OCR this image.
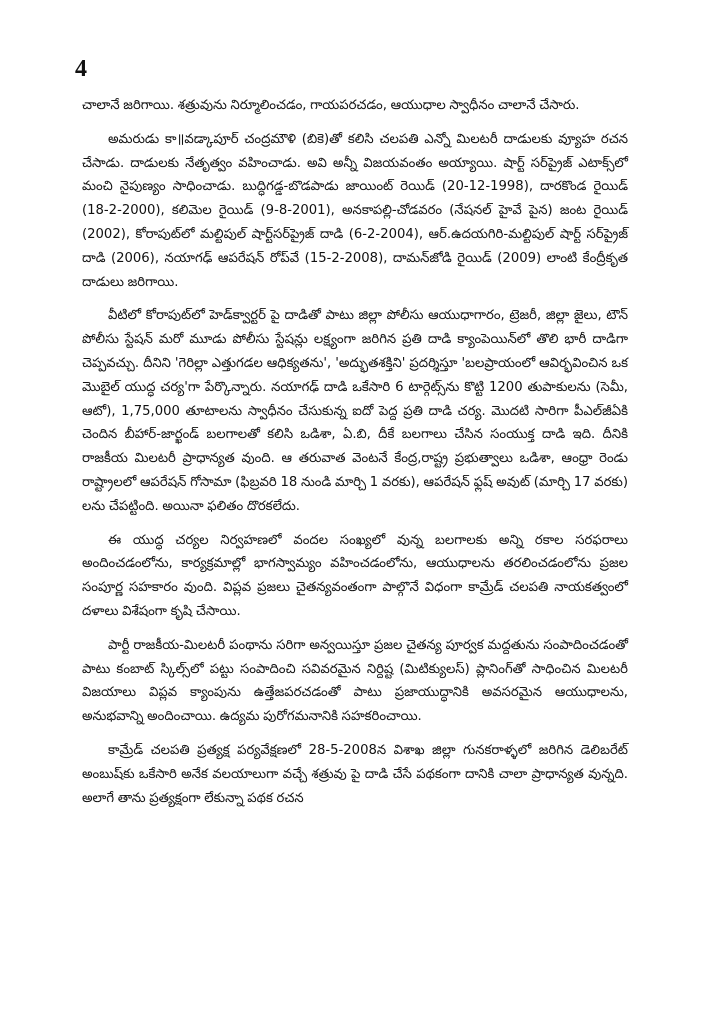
4

చాలానే జరిగాయి. శత్రువును నిర్మూలించడం, గాయపరచడం, ఆయుధాల స్వాధీనం చాలానే చేసారు.

అమరుడు కా॥వడ్కాపూర్ చంద్రమౌళి (బికె)తో కలిసి చలపతి ఎన్నో మిలటరీ దాడులకు వ్యూహ రచన చేసాడు. దాడులకు నేతృత్వం వహించాడు. అవి అన్నీ విజయవంతం అయ్యాయి. షార్ట్ సర్‌ప్రైజ్ ఎటాక్స్‌లో మంచి నైపుణ్యం సాధించాడు. బుద్ధిగడ్డ-బొడపాడు జాయింట్ రెయిడ్ (20-12-1998), దారకొండ రైయిడ్ (18-2-2000), కలిమెల రైయిడ్ (9-8-2001), అనకాపల్లి-చోడవరం (నేషనల్ హైవే పైన) జంట రైయిడ్ (2002), కోరాపుట్‌లో మల్టిపుల్ షార్ట్‌సర్‌ప్రైజ్ దాడి (6-2-2004), ఆర్.ఉదయగిరి-మల్టిపుల్ షార్ట్ సర్‌ప్రైజ్ దాడి (2006), నయాగఢ్ ఆపరేషన్ రోప్‌వే (15-2-2008), దామన్‌జోడి రైయిడ్ (2009) లాంటి కేంద్రీకృత దాడులు జరిగాయి.

వీటిలో కోరాపుట్‌లో హెడ్‌క్వార్టర్ పై దాడితో పాటు జిల్లా పోలీసు ఆయుధాగారం, ట్రెజరీ, జిల్లా జైలు, టౌన్ పోలీసు స్టేషన్ మరో మూడు పోలీసు స్టేషన్లు లక్ష్యంగా జరిగిన ప్రతి దాడి క్యాంపెయిన్‌లో తొలి భారీ దాడిగా చెప్పవచ్చు. దీనిని 'గెరిల్లా ఎత్తుగడల ఆధిక్యతను', 'అద్భుతశక్తిని' ప్రదర్శిస్తూ 'బలప్రాయంలో ఆవిర్భవించిన ఒక మొబైల్ యుద్ధ చర్య'గా పేర్కొన్నారు. నయాగఢ్ దాడి ఒకేసారి 6 టార్గెట్స్‌ను కొట్టి 1200 తుపాకులను (సెమీ, ఆటో), 1,75,000 తూటాలను స్వాధీనం చేసుకున్న ఐదో పెద్ద ప్రతి దాడి చర్య. మొదటి సారిగా పీఎల్‌జీఏకి చెందిన బీహార్-జార్ఖండ్ బలగాలతో కలిసి ఒడిశా, ఏ.బి, దీకే బలగాలు చేసిన సంయుక్త దాడి ఇది. దీనికి రాజకీయ మిలటరీ ప్రాధాన్యత వుంది. ఆ తరువాత వెంటనే కేంద్ర,రాష్ట్ర ప్రభుత్వాలు ఒడిశా, ఆంధ్రా రెండు రాష్ట్రాలలో ఆపరేషన్ గోసామా (ఫిబ్రవరి 18 నుండి మార్చి 1 వరకు), ఆపరేషన్ ఫ్లష్ అవుట్ (మార్చి 17 వరకు) లను చేపట్టింది. అయినా ఫలితం దొరకలేదు.

ఈ యుద్ధ చర్యల నిర్వహణలో వందల సంఖ్యలో వున్న బలగాలకు అన్ని రకాల సరఫరాలు అందించడంలోను, కార్యక్రమాల్లో భాగస్వామ్యం వహించడంలోను, ఆయుధాలను తరలించడంలోను ప్రజల సంపూర్ణ సహకారం వుంది. విప్లవ ప్రజలు చైతన్యవంతంగా పాల్గొనే విధంగా కామ్రేడ్ చలపతి నాయకత్వంలో దళాలు విశేషంగా కృషి చేసాయి.

పార్టీ రాజకీయ-మిలటరీ పంథాను సరిగా అన్వయిస్తూ ప్రజల చైతన్య పూర్వక మద్దతును సంపాదించడంతో పాటు కంబాట్ స్కిల్స్‌లో పట్టు సంపాదించి సవివరమైన నిర్దిష్ట (మిటిక్యులస్) ప్లానింగ్‌తో సాధించిన మిలటరీ విజయాలు విప్లవ క్యాంపును ఉత్తేజపరచడంతో పాటు ప్రజాయుద్ధానికి అవసరమైన ఆయుధాలను, అనుభవాన్ని అందించాయి. ఉద్యమ పురోగమనానికి సహకరించాయి.

కామ్రేడ్ చలపతి ప్రత్యక్ష పర్యవేక్షణలో 28-5-2008న విశాఖ జిల్లా గునకరాళ్ళలో జరిగిన డెలిబరేట్ అంబుష్‌కు ఒకేసారి అనేక వలయాలుగా వచ్చే శత్రువు పై దాడి చేసే పథకంగా దానికి చాలా ప్రాధాన్యత వున్నది. అలాగే తాను ప్రత్యక్షంగా లేకున్నా పథక రచన
